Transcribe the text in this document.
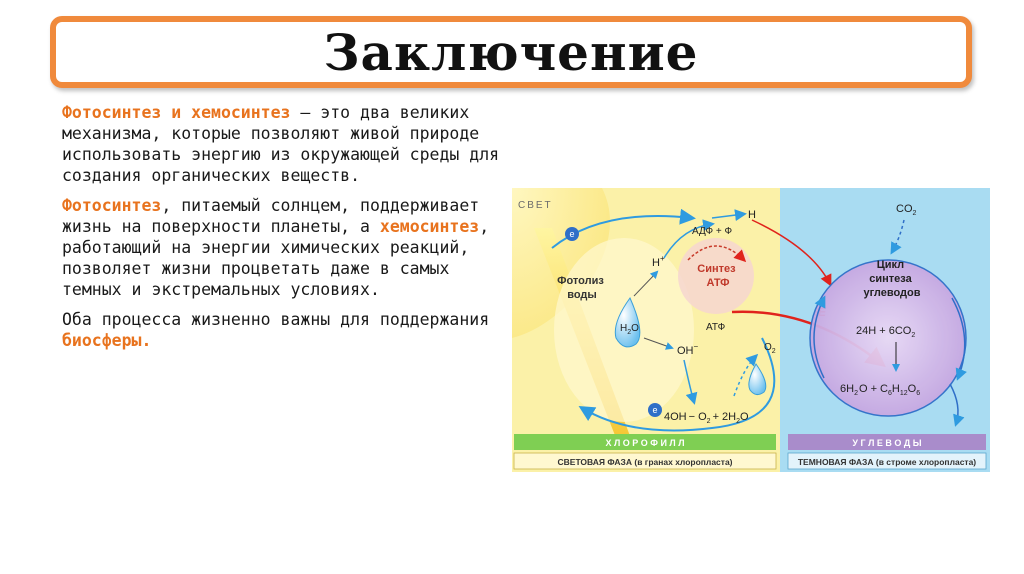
Заключение

Фотосинтез и хемосинтез – это два великих механизма, которые позволяют живой природе использовать энергию из окружающей среды для создания органических веществ.

Фотосинтез, питаемый солнцем, поддерживает жизнь на поверхности планеты, а хемосинтез, работающий на энергии химических реакций, позволяет жизни процветать даже в самых темных и экстремальных условиях.

Оба процесса жизненно важны для поддержания биосферы.

СВЕТ
Фотолиз воды
$H_2O$
OH−
H+
е
е
АДФ + Ф
Синтез АТФ
АТФ
H
$O_2$
$4OH - O_2 + 2H_2O$
$CO_2$
Цикл синтеза углеводов
$24H + 6CO_2$
$6H_2O + C_6H_{12}O_6$
Х Л О Р О Ф И Л Л	У Г Л Е В О Д Ы
СВЕТОВАЯ ФАЗА (в гранах хлоропласта)	ТЕМНОВАЯ ФАЗА (в строме хлоропласта)
